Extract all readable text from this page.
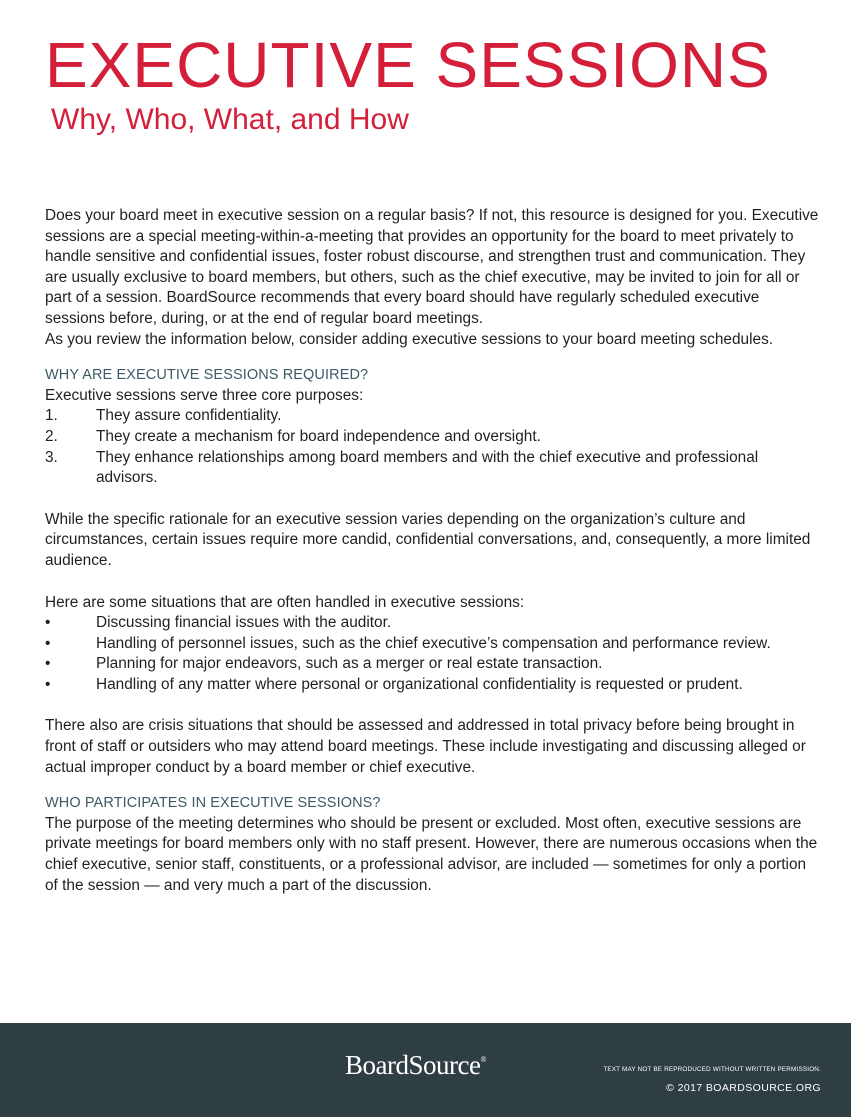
EXECUTIVE SESSIONS
Why, Who, What, and How

Does your board meet in executive session on a regular basis? If not, this resource is designed for you. Executive sessions are a special meeting-within-a-meeting that provides an opportunity for the board to meet privately to handle sensitive and confidential issues, foster robust discourse, and strengthen trust and communication. They are usually exclusive to board members, but others, such as the chief executive, may be invited to join for all or part of a session. BoardSource recommends that every board should have regularly scheduled executive sessions before, during, or at the end of regular board meetings.

As you review the information below, consider adding executive sessions to your board meeting schedules.

WHY ARE EXECUTIVE SESSIONS REQUIRED?

Executive sessions serve three core purposes:

1.	They assure confidentiality.
2.	They create a mechanism for board independence and oversight.
3.	They enhance relationships among board members and with the chief executive and professional advisors.

While the specific rationale for an executive session varies depending on the organization’s culture and circumstances, certain issues require more candid, confidential conversations, and, consequently, a more limited audience.

Here are some situations that are often handled in executive sessions:

•	Discussing financial issues with the auditor.
•	Handling of personnel issues, such as the chief executive’s compensation and performance review.
•	Planning for major endeavors, such as a merger or real estate transaction.
•	Handling of any matter where personal or organizational confidentiality is requested or prudent.

There also are crisis situations that should be assessed and addressed in total privacy before being brought in front of staff or outsiders who may attend board meetings. These include investigating and discussing alleged or actual improper conduct by a board member or chief executive.

WHO PARTICIPATES IN EXECUTIVE SESSIONS?

The purpose of the meeting determines who should be present or excluded. Most often, executive sessions are private meetings for board members only with no staff present. However, there are numerous occasions when the chief executive, senior staff, constituents, or a professional advisor, are included — sometimes for only a portion of the session — and very much a part of the discussion.

BoardSource®
TEXT MAY NOT BE REPRODUCED WITHOUT WRITTEN PERMISSION.
© 2017 BOARDSOURCE.ORG
